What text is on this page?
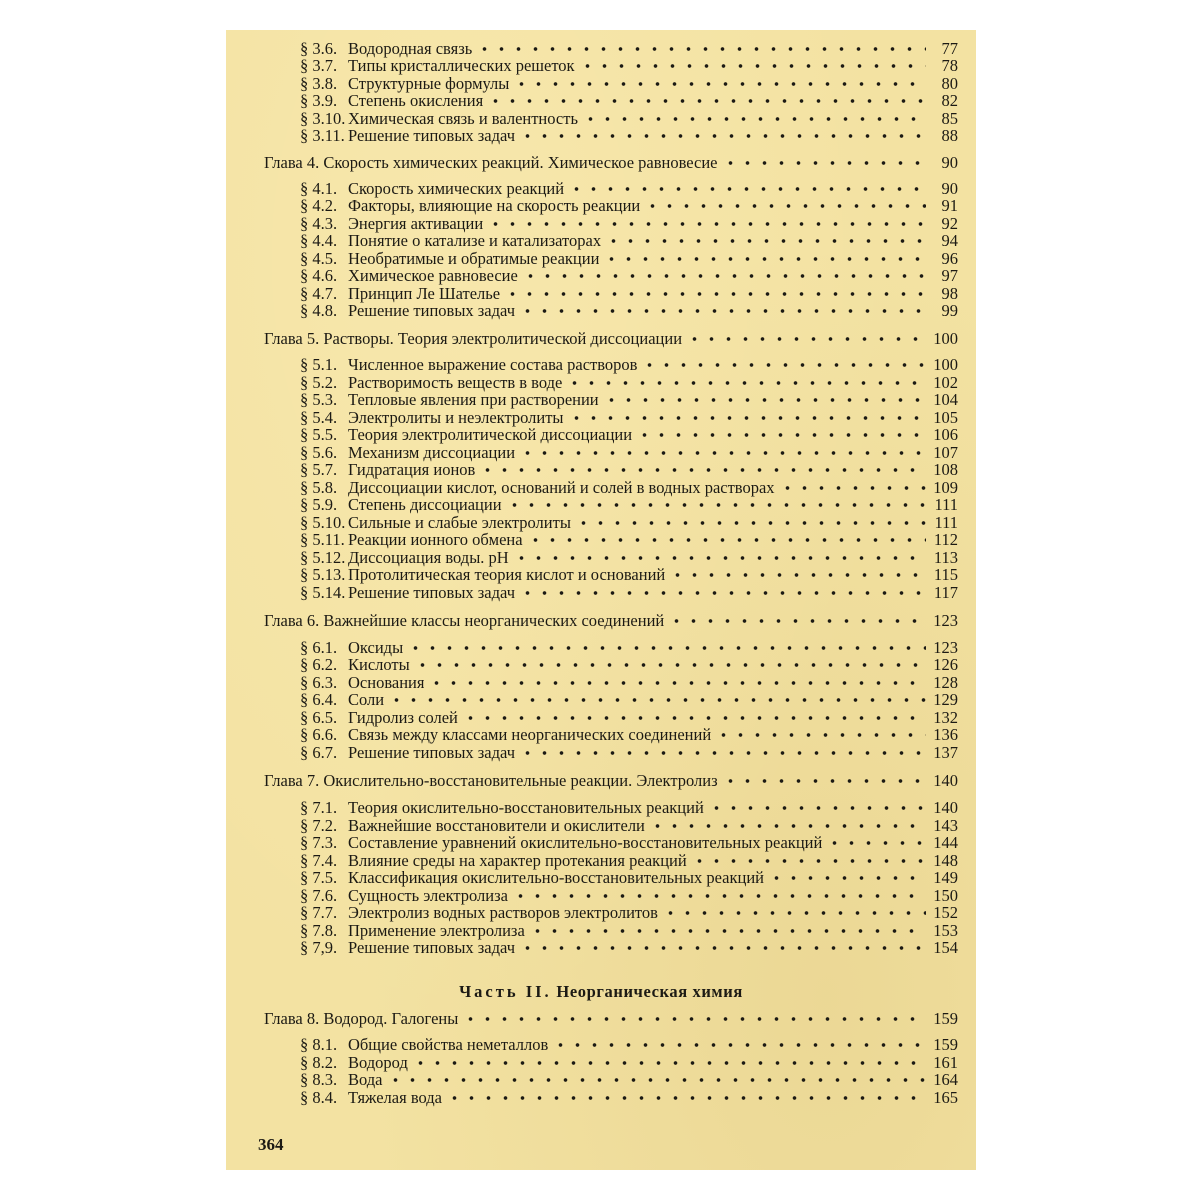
§ 3.6. Водородная связь	77
§ 3.7. Типы кристаллических решеток	78
§ 3.8. Структурные формулы	80
§ 3.9. Степень окисления	82
§ 3.10. Химическая связь и валентность	85
§ 3.11. Решение типовых задач	88
Глава 4. Скорость химических реакций. Химическое равновесие	90
§ 4.1. Скорость химических реакций	90
§ 4.2. Факторы, влияющие на скорость реакции	91
§ 4.3. Энергия активации	92
§ 4.4. Понятие о катализе и катализаторах	94
§ 4.5. Необратимые и обратимые реакции	96
§ 4.6. Химическое равновесие	97
§ 4.7. Принцип Ле Шателье	98
§ 4.8. Решение типовых задач	99
Глава 5. Растворы. Теория электролитической диссоциации	100
§ 5.1. Численное выражение состава растворов	100
§ 5.2. Растворимость веществ в воде	102
§ 5.3. Тепловые явления при растворении	104
§ 5.4. Электролиты и неэлектролиты	105
§ 5.5. Теория электролитической диссоциации	106
§ 5.6. Механизм диссоциации	107
§ 5.7. Гидратация ионов	108
§ 5.8. Диссоциации кислот, оснований и солей в водных растворах	109
§ 5.9. Степень диссоциации	111
§ 5.10. Сильные и слабые электролиты	111
§ 5.11. Реакции ионного обмена	112
§ 5.12. Диссоциация воды. pH	113
§ 5.13. Протолитическая теория кислот и оснований	115
§ 5.14. Решение типовых задач	117
Глава 6. Важнейшие классы неорганических соединений	123
§ 6.1. Оксиды	123
§ 6.2. Кислоты	126
§ 6.3. Основания	128
§ 6.4. Соли	129
§ 6.5. Гидролиз солей	132
§ 6.6. Связь между классами неорганических соединений	136
§ 6.7. Решение типовых задач	137
Глава 7. Окислительно-восстановительные реакции. Электролиз	140
§ 7.1. Теория окислительно-восстановительных реакций	140
§ 7.2. Важнейшие восстановители и окислители	143
§ 7.3. Составление уравнений окислительно-восстановительных реакций	144
§ 7.4. Влияние среды на характер протекания реакций	148
§ 7.5. Классификация окислительно-восстановительных реакций	149
§ 7.6. Сущность электролиза	150
§ 7.7. Электролиз водных растворов электролитов	152
§ 7.8. Применение электролиза	153
§ 7,9. Решение типовых задач	154
Часть II. Неорганическая химия
Глава 8. Водород. Галогены	159
§ 8.1. Общие свойства неметаллов	159
§ 8.2. Водород	161
§ 8.3. Вода	164
§ 8.4. Тяжелая вода	165
364
